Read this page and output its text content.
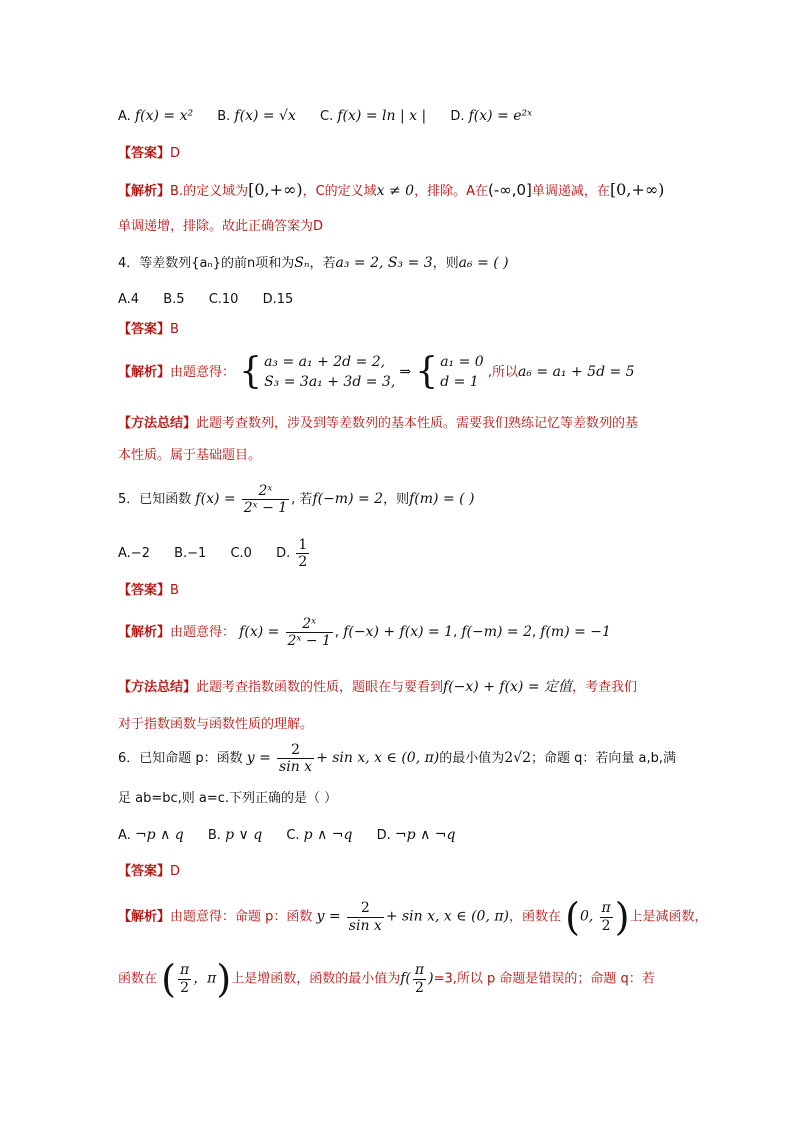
A. f(x) = x² B. f(x) = √x C. f(x) = ln | x | D. f(x) = e²ˣ
【答案】D
【解析】B.的定义域为[0,+∞)，C的定义域x ≠ 0，排除。A在(-∞,0]单调递减，在[0,+∞)
单调递增，排除。故此正确答案为D
4．等差数列{aₙ}的前n项和为Sₙ，若a₃ = 2, S₃ = 3，则a₆ = ( )
A.4 B.5 C.10 D.15
【答案】B
【解析】由题意得： { a₃ = a₁ + 2d = 2,
S₃ = 3a₁ + 3d = 3,
⇒ { a₁ = 0
d = 1
,所以a₆ = a₁ + 5d = 5
【方法总结】此题考查数列，涉及到等差数列的基本性质。需要我们熟练记忆等差数列的基
本性质。属于基础题目。
5．已知函数 $f(x) = \frac{\text{2ˣ}}{\text{2ˣ − 1}}$ , 若f(−m) = 2，则f(m) = ( )
A.−2 B.−1 C.0 D. $\frac{1}{2}$
【答案】B
【解析】由题意得： $f(x) = \frac{\text{2ˣ}}{\text{2ˣ − 1}}$ , f(−x) + f(x) = 1, f(−m) = 2, f(m) = −1
【方法总结】此题考查指数函数的性质，题眼在与要看到f(−x) + f(x) = 定值，考查我们
对于指数函数与函数性质的理解。
6．已知命题 p：函数 $y = \frac{2}{\text{sin x}} + \sin x$, x ∈ (0, π)的最小值为2√2；命题 q：若向量 a,b,满
足 ab=bc,则 a=c.下列正确的是（ ）
A. ¬p ∧ q B. p ∨ q C. p ∧ ¬q D. ¬p ∧ ¬q
【答案】D
【解析】由题意得：命题 p：函数 $y = \frac{2}{\text{sin x}} + \sin x$, x ∈ (0, π)，函数在 (0, $\frac{\pi}{2}$ )上是减函数，
函数在 ( $\frac{\pi}{2}$ ，π)上是增函数，函数的最小值为$f( \frac{\pi}{2} )=3$,所以 p 命题是错误的；命题 q：若
